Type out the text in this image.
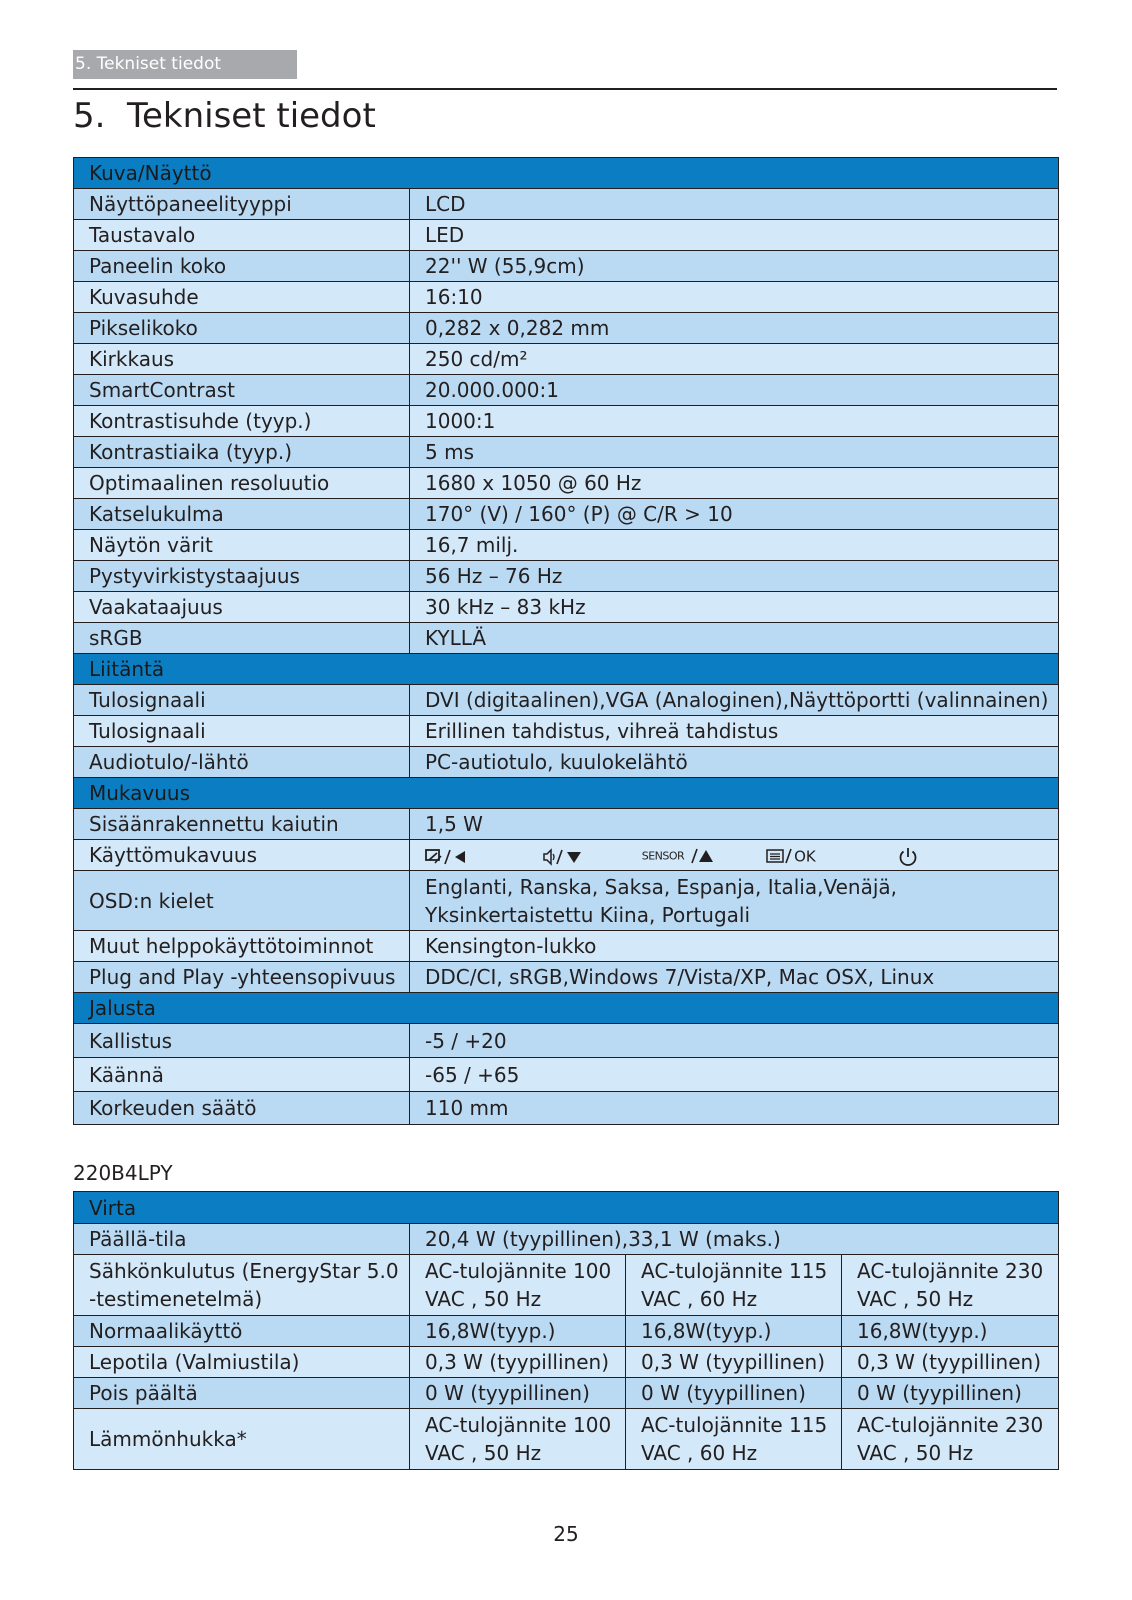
5. Tekniset tiedot
5. Tekniset tiedot
Kuva/Näyttö	
Näyttöpaneelityyppi	LCD
Taustavalo	LED
Paneelin koko	22'' W (55,9cm)
Kuvasuhde	16:10
Pikselikoko	0,282 x 0,282 mm
Kirkkaus	250 cd/m²
SmartContrast	20.000.000:1
Kontrastisuhde (tyyp.)	1000:1
Kontrastiaika (tyyp.)	5 ms
Optimaalinen resoluutio	1680 x 1050 @ 60 Hz
Katselukulma	170° (V) / 160° (P) @ C/R > 10
Näytön värit	16,7 milj.
Pystyvirkistystaajuus	56 Hz – 76 Hz
Vaakataajuus	30 kHz – 83 kHz
sRGB	KYLLÄ
Liitäntä	
Tulosignaali	DVI (digitaalinen),VGA (Analoginen),Näyttöportti (valinnainen)
Tulosignaali	Erillinen tahdistus, vihreä tahdistus
Audiotulo/-lähtö	PC-autiotulo, kuulokelähtö
Mukavuus	
Sisäänrakennettu kaiutin	1,5 W
Käyttömukavuus	SENSOR OK
OSD:n kielet	Englanti, Ranska, Saksa, Espanja, Italia,Venäjä, Yksinkertaistettu Kiina, Portugali
Muut helppokäyttötoiminnot	Kensington-lukko
Plug and Play -yhteensopivuus	DDC/CI, sRGB,Windows 7/Vista/XP, Mac OSX, Linux
Jalusta	
Kallistus	-5 / +20
Käännä	-65 / +65
Korkeuden säätö	110 mm
220B4LPY
Virta			
Päällä-tila	20,4 W (tyypillinen),33,1 W (maks.)		
Sähkönkulutus (EnergyStar 5.0 -testimenetelmä)	AC-tulojännite 100 VAC , 50 Hz	AC-tulojännite 115 VAC , 60 Hz	AC-tulojännite 230 VAC , 50 Hz
Normaalikäyttö	16,8W(tyyp.)	16,8W(tyyp.)	16,8W(tyyp.)
Lepotila (Valmiustila)	0,3 W (tyypillinen)	0,3 W (tyypillinen)	0,3 W (tyypillinen)
Pois päältä	0 W (tyypillinen)	0 W (tyypillinen)	0 W (tyypillinen)
Lämmönhukka*	AC-tulojännite 100 VAC , 50 Hz	AC-tulojännite 115 VAC , 60 Hz	AC-tulojännite 230 VAC , 50 Hz
25
